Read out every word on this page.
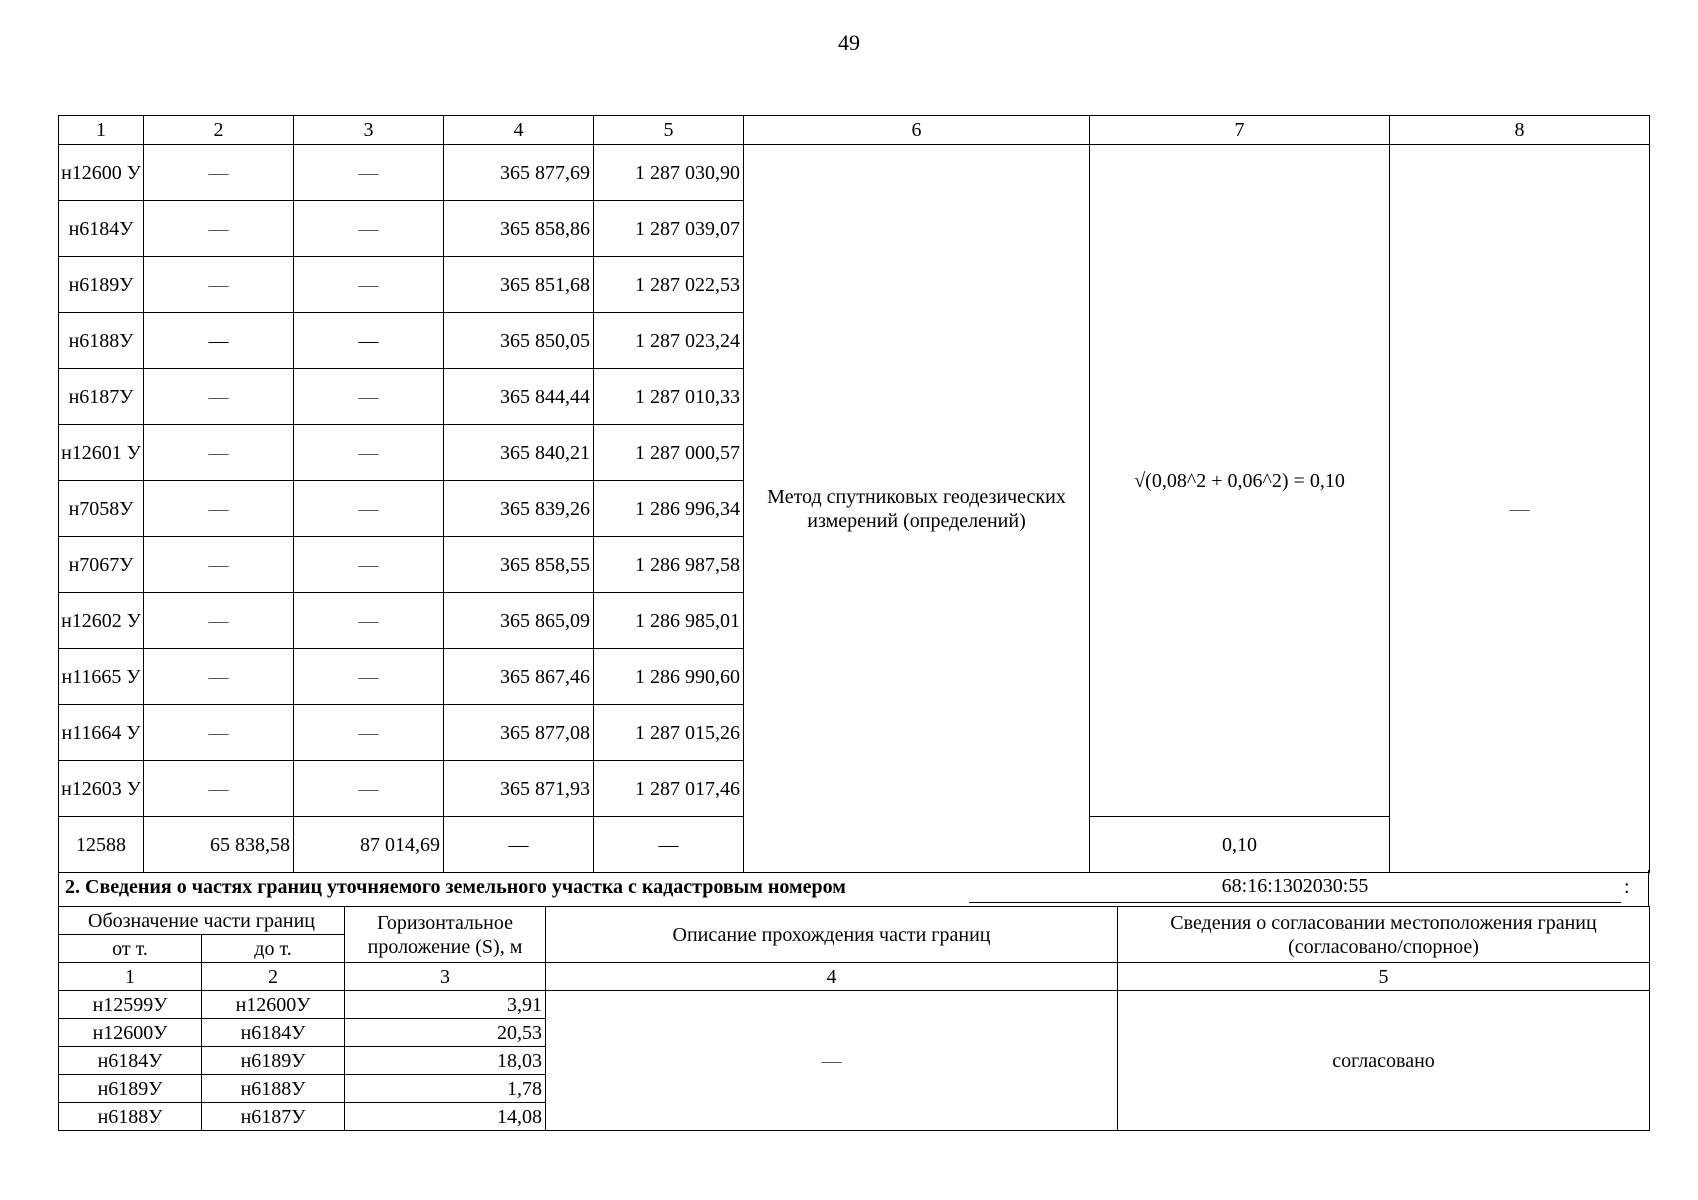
49
1	2	3	4	5	6	7	8
н12600 У	—	—	365 877,69	1 287 030,90	Метод спутниковых геодезических измерений (определений)	√(0,08^2 + 0,06^2) = 0,10	—
н6184У	—	—	365 858,86	1 287 039,07			
н6189У	—	—	365 851,68	1 287 022,53			
н6188У	—	—	365 850,05	1 287 023,24			
н6187У	—	—	365 844,44	1 287 010,33			
н12601 У	—	—	365 840,21	1 287 000,57			
н7058У	—	—	365 839,26	1 286 996,34			
н7067У	—	—	365 858,55	1 286 987,58			
н12602 У	—	—	365 865,09	1 286 985,01			
н11665 У	—	—	365 867,46	1 286 990,60			
н11664 У	—	—	365 877,08	1 287 015,26			
н12603 У	—	—	365 871,93	1 287 017,46			
12588	65 838,58	87 014,69	—	—		0,10	
2. Сведения о частях границ уточняемого земельного участка с кадастровым номером	68:16:1302030:55	:
Обозначение части границ		Горизонтальное проложение (S), м	Описание прохождения части границ	Сведения о согласовании местоположения границ (согласовано/спорное)
от т.	до т.			
1	2	3	4	5
н12599У	н12600У	3,91	—	согласовано
н12600У	н6184У	20,53		
н6184У	н6189У	18,03		
н6189У	н6188У	1,78		
н6188У	н6187У	14,08		
